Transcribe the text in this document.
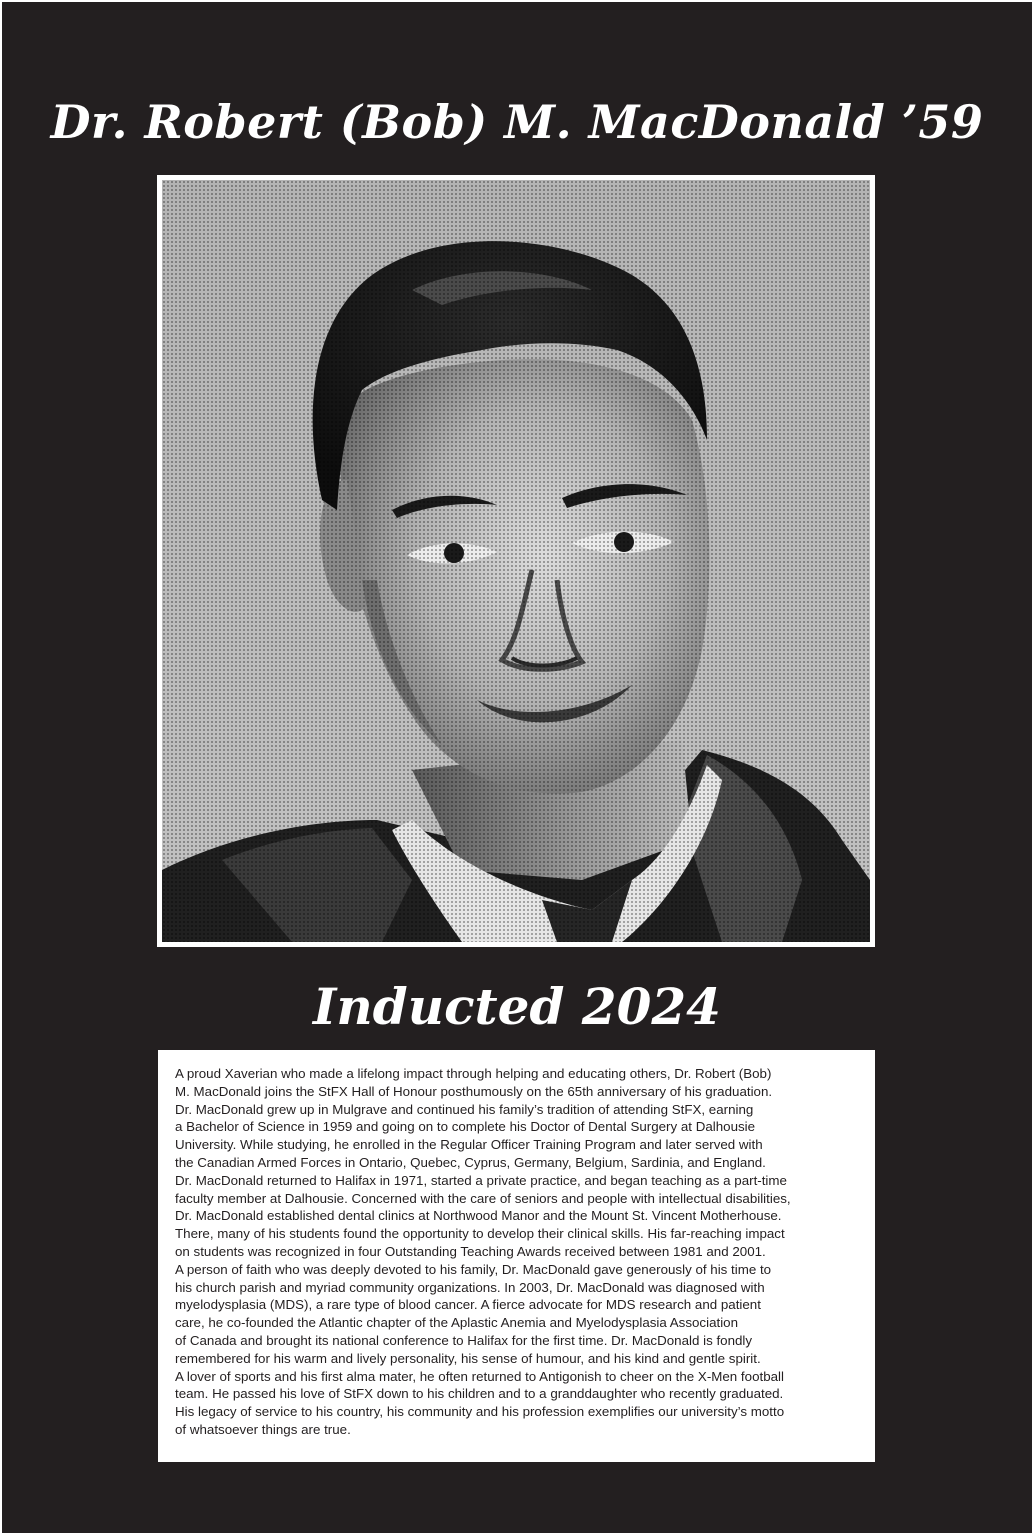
Dr. Robert (Bob) M. MacDonald ’59
Inducted 2024
A proud Xaverian who made a lifelong impact through helping and educating others, Dr. Robert (Bob)
M. MacDonald joins the StFX Hall of Honour posthumously on the 65th anniversary of his graduation.
Dr. MacDonald grew up in Mulgrave and continued his family’s tradition of attending StFX, earning
a Bachelor of Science in 1959 and going on to complete his Doctor of Dental Surgery at Dalhousie
University. While studying, he enrolled in the Regular Officer Training Program and later served with
the Canadian Armed Forces in Ontario, Quebec, Cyprus, Germany, Belgium, Sardinia, and England.
Dr. MacDonald returned to Halifax in 1971, started a private practice, and began teaching as a part-time
faculty member at Dalhousie. Concerned with the care of seniors and people with intellectual disabilities,
Dr. MacDonald established dental clinics at Northwood Manor and the Mount St. Vincent Motherhouse.
There, many of his students found the opportunity to develop their clinical skills. His far-reaching impact
on students was recognized in four Outstanding Teaching Awards received between 1981 and 2001.
A person of faith who was deeply devoted to his family, Dr. MacDonald gave generously of his time to
his church parish and myriad community organizations. In 2003, Dr. MacDonald was diagnosed with
myelodysplasia (MDS), a rare type of blood cancer. A fierce advocate for MDS research and patient
care, he co-founded the Atlantic chapter of the Aplastic Anemia and Myelodysplasia Association
of Canada and brought its national conference to Halifax for the first time. Dr. MacDonald is fondly
remembered for his warm and lively personality, his sense of humour, and his kind and gentle spirit.
A lover of sports and his first alma mater, he often returned to Antigonish to cheer on the X-Men football
team. He passed his love of StFX down to his children and to a granddaughter who recently graduated.
His legacy of service to his country, his community and his profession exemplifies our university’s motto
of whatsoever things are true.
